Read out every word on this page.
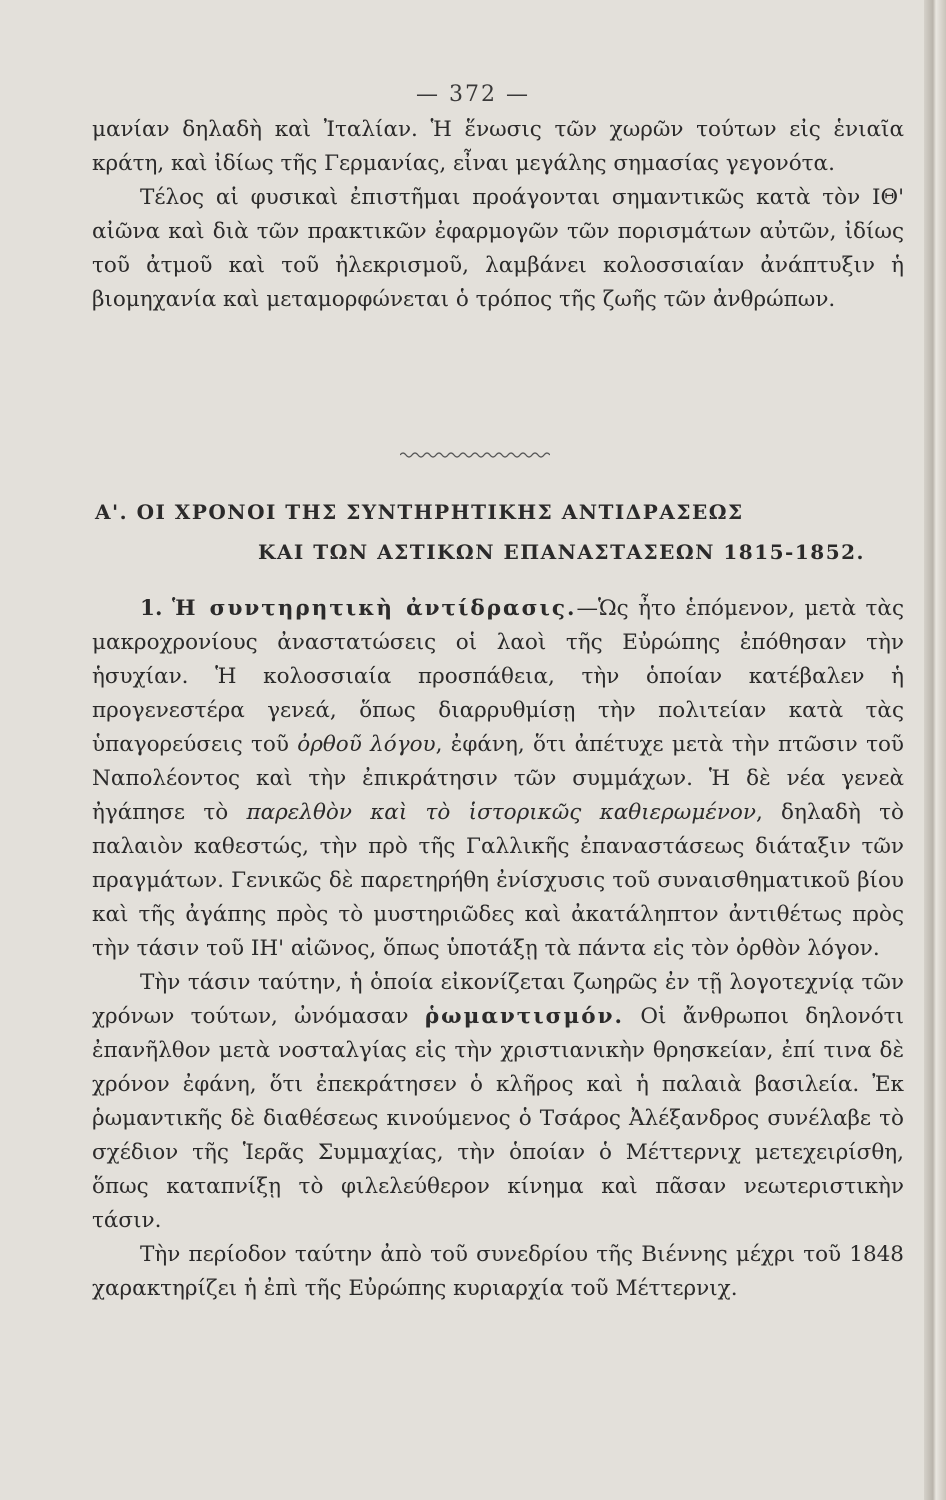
— 372 —

μανίαν δηλαδὴ καὶ Ἰταλίαν. Ἡ ἕνωσις τῶν χωρῶν τούτων εἰς ἑνιαῖα κράτη, καὶ ἰδίως τῆς Γερμανίας, εἶναι μεγάλης σημασίας γεγονότα.

Τέλος αἱ φυσικαὶ ἐπιστῆμαι προάγονται σημαντικῶς κατὰ τὸν ΙΘ' αἰῶνα καὶ διὰ τῶν πρακτικῶν ἐφαρμογῶν τῶν πορισμάτων αὐτῶν, ἰδίως τοῦ ἀτμοῦ καὶ τοῦ ἠλεκρισμοῦ, λαμβάνει κολοσσιαίαν ἀνάπτυξιν ἡ βιομηχανία καὶ μεταμορφώνεται ὁ τρόπος τῆς ζωῆς τῶν ἀνθρώπων.

Α'. ΟΙ ΧΡΟΝΟΙ ΤΗΣ ΣΥΝΤΗΡΗΤΙΚΗΣ ΑΝΤΙΔΡΑΣΕΩΣ
ΚΑΙ ΤΩΝ ΑΣΤΙΚΩΝ ΕΠΑΝΑΣΤΑΣΕΩΝ 1815-1852.

1. Ἡ συντηρητικὴ ἀντίδρασις.—Ὡς ἦτο ἑπόμενον, μετὰ τὰς μακροχρονίους ἀναστατώσεις οἱ λαοὶ τῆς Εὐρώπης ἐπόθησαν τὴν ἡσυχίαν. Ἡ κολοσσιαία προσπάθεια, τὴν ὁποίαν κατέβαλεν ἡ προγενεστέρα γενεά, ὅπως διαρρυθμίσῃ τὴν πολιτείαν κατὰ τὰς ὑπαγορεύσεις τοῦ ὀρθοῦ λόγου, ἐφάνη, ὅτι ἀπέτυχε μετὰ τὴν πτῶσιν τοῦ Ναπολέοντος καὶ τὴν ἐπικράτησιν τῶν συμμάχων. Ἡ δὲ νέα γενεὰ ἠγάπησε τὸ παρελθὸν καὶ τὸ ἱστορικῶς καθιερωμένον, δηλαδὴ τὸ παλαιὸν καθεστώς, τὴν πρὸ τῆς Γαλλικῆς ἐπαναστάσεως διάταξιν τῶν πραγμάτων. Γενικῶς δὲ παρετηρήθη ἐνίσχυσις τοῦ συναισθηματικοῦ βίου καὶ τῆς ἀγάπης πρὸς τὸ μυστηριῶδες καὶ ἀκατάληπτον ἀντιθέτως πρὸς τὴν τάσιν τοῦ ΙΗ' αἰῶνος, ὅπως ὑποτάξῃ τὰ πάντα εἰς τὸν ὀρθὸν λόγον.

Τὴν τάσιν ταύτην, ἡ ὁποία εἰκονίζεται ζωηρῶς ἐν τῇ λογοτεχνίᾳ τῶν χρόνων τούτων, ὠνόμασαν ῥωμαντισμόν. Οἱ ἄνθρωποι δηλονότι ἐπανῆλθον μετὰ νοσταλγίας εἰς τὴν χριστιανικὴν θρησκείαν, ἐπί τινα δὲ χρόνον ἐφάνη, ὅτι ἐπεκράτησεν ὁ κλῆρος καὶ ἡ παλαιὰ βασιλεία. Ἐκ ῥωμαντικῆς δὲ διαθέσεως κινούμενος ὁ Τσάρος Ἀλέξανδρος συνέλαβε τὸ σχέδιον τῆς Ἱερᾶς Συμμαχίας, τὴν ὁποίαν ὁ Μέττερνιχ μετεχειρίσθη, ὅπως καταπνίξῃ τὸ φιλελεύθερον κίνημα καὶ πᾶσαν νεωτεριστικὴν τάσιν.

Τὴν περίοδον ταύτην ἀπὸ τοῦ συνεδρίου τῆς Βιέννης μέχρι τοῦ 1848 χαρακτηρίζει ἡ ἐπὶ τῆς Εὐρώπης κυριαρχία τοῦ Μέττερνιχ.
